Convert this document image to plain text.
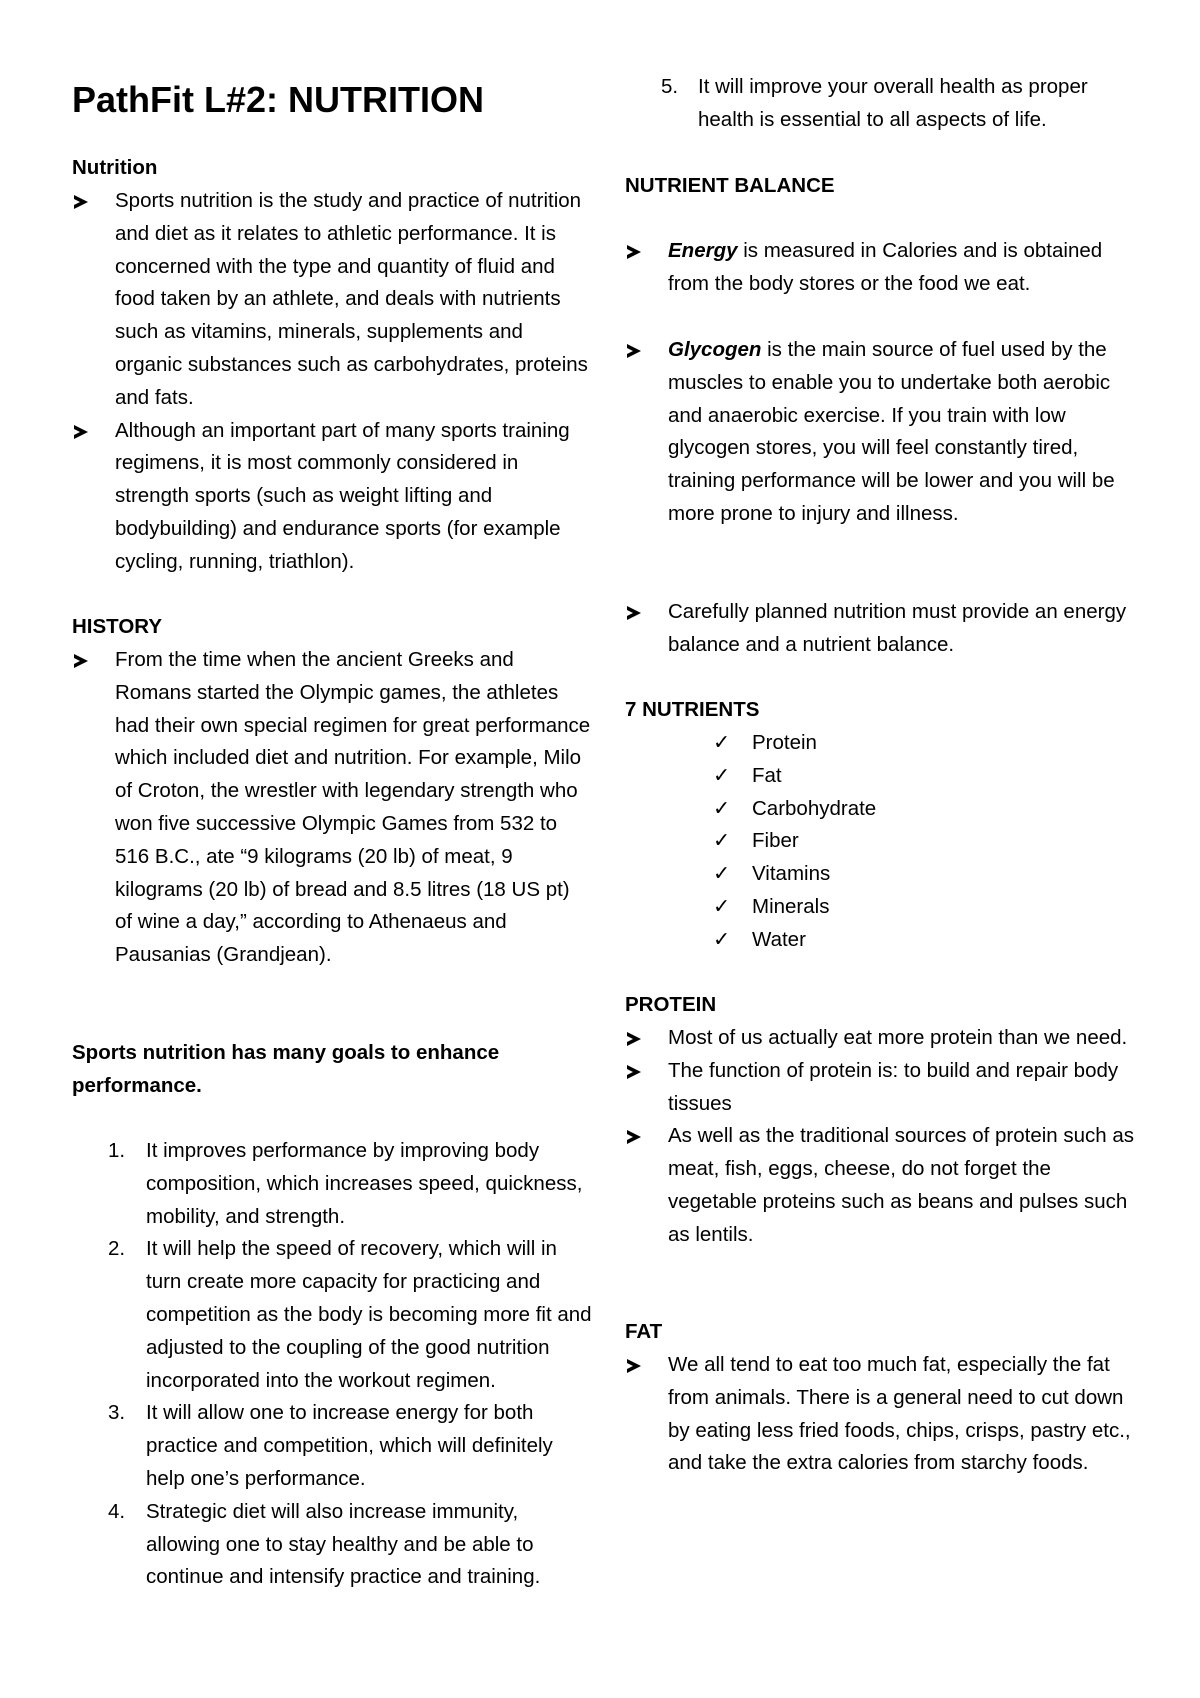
PathFit L#2: NUTRITION

Nutrition

Sports nutrition is the study and practice of nutrition and diet as it relates to athletic performance. It is concerned with the type and quantity of fluid and food taken by an athlete, and deals with nutrients such as vitamins, minerals, supplements and organic substances such as carbohydrates, proteins and fats.

Although an important part of many sports training regimens, it is most commonly considered in strength sports (such as weight lifting and bodybuilding) and endurance sports (for example cycling, running, triathlon).

HISTORY

From the time when the ancient Greeks and Romans started the Olympic games, the athletes had their own special regimen for great performance which included diet and nutrition. For example, Milo of Croton, the wrestler with legendary strength who won five successive Olympic Games from 532 to 516 B.C., ate “9 kilograms (20 lb) of meat, 9 kilograms (20 lb) of bread and 8.5 litres (18 US pt) of wine a day,” according to Athenaeus and Pausanias (Grandjean).

Sports nutrition has many goals to enhance performance.

1. It improves performance by improving body composition, which increases speed, quickness, mobility, and strength.

2. It will help the speed of recovery, which will in turn create more capacity for practicing and competition as the body is becoming more fit and adjusted to the coupling of the good nutrition incorporated into the workout regimen.

3. It will allow one to increase energy for both practice and competition, which will definitely help one’s performance.

4. Strategic diet will also increase immunity, allowing one to stay healthy and be able to continue and intensify practice and training.

5. It will improve your overall health as proper health is essential to all aspects of life.

NUTRIENT BALANCE

Energy is measured in Calories and is obtained from the body stores or the food we eat.

Glycogen is the main source of fuel used by the muscles to enable you to undertake both aerobic and anaerobic exercise. If you train with low glycogen stores, you will feel constantly tired, training performance will be lower and you will be more prone to injury and illness.

Carefully planned nutrition must provide an energy balance and a nutrient balance.

7 NUTRIENTS

✓ Protein

✓ Fat

✓ Carbohydrate

✓ Fiber

✓ Vitamins

✓ Minerals

✓ Water

PROTEIN

Most of us actually eat more protein than we need.

The function of protein is: to build and repair body tissues

As well as the traditional sources of protein such as meat, fish, eggs, cheese, do not forget the vegetable proteins such as beans and pulses such as lentils.

FAT

We all tend to eat too much fat, especially the fat from animals. There is a general need to cut down by eating less fried foods, chips, crisps, pastry etc., and take the extra calories from starchy foods.
